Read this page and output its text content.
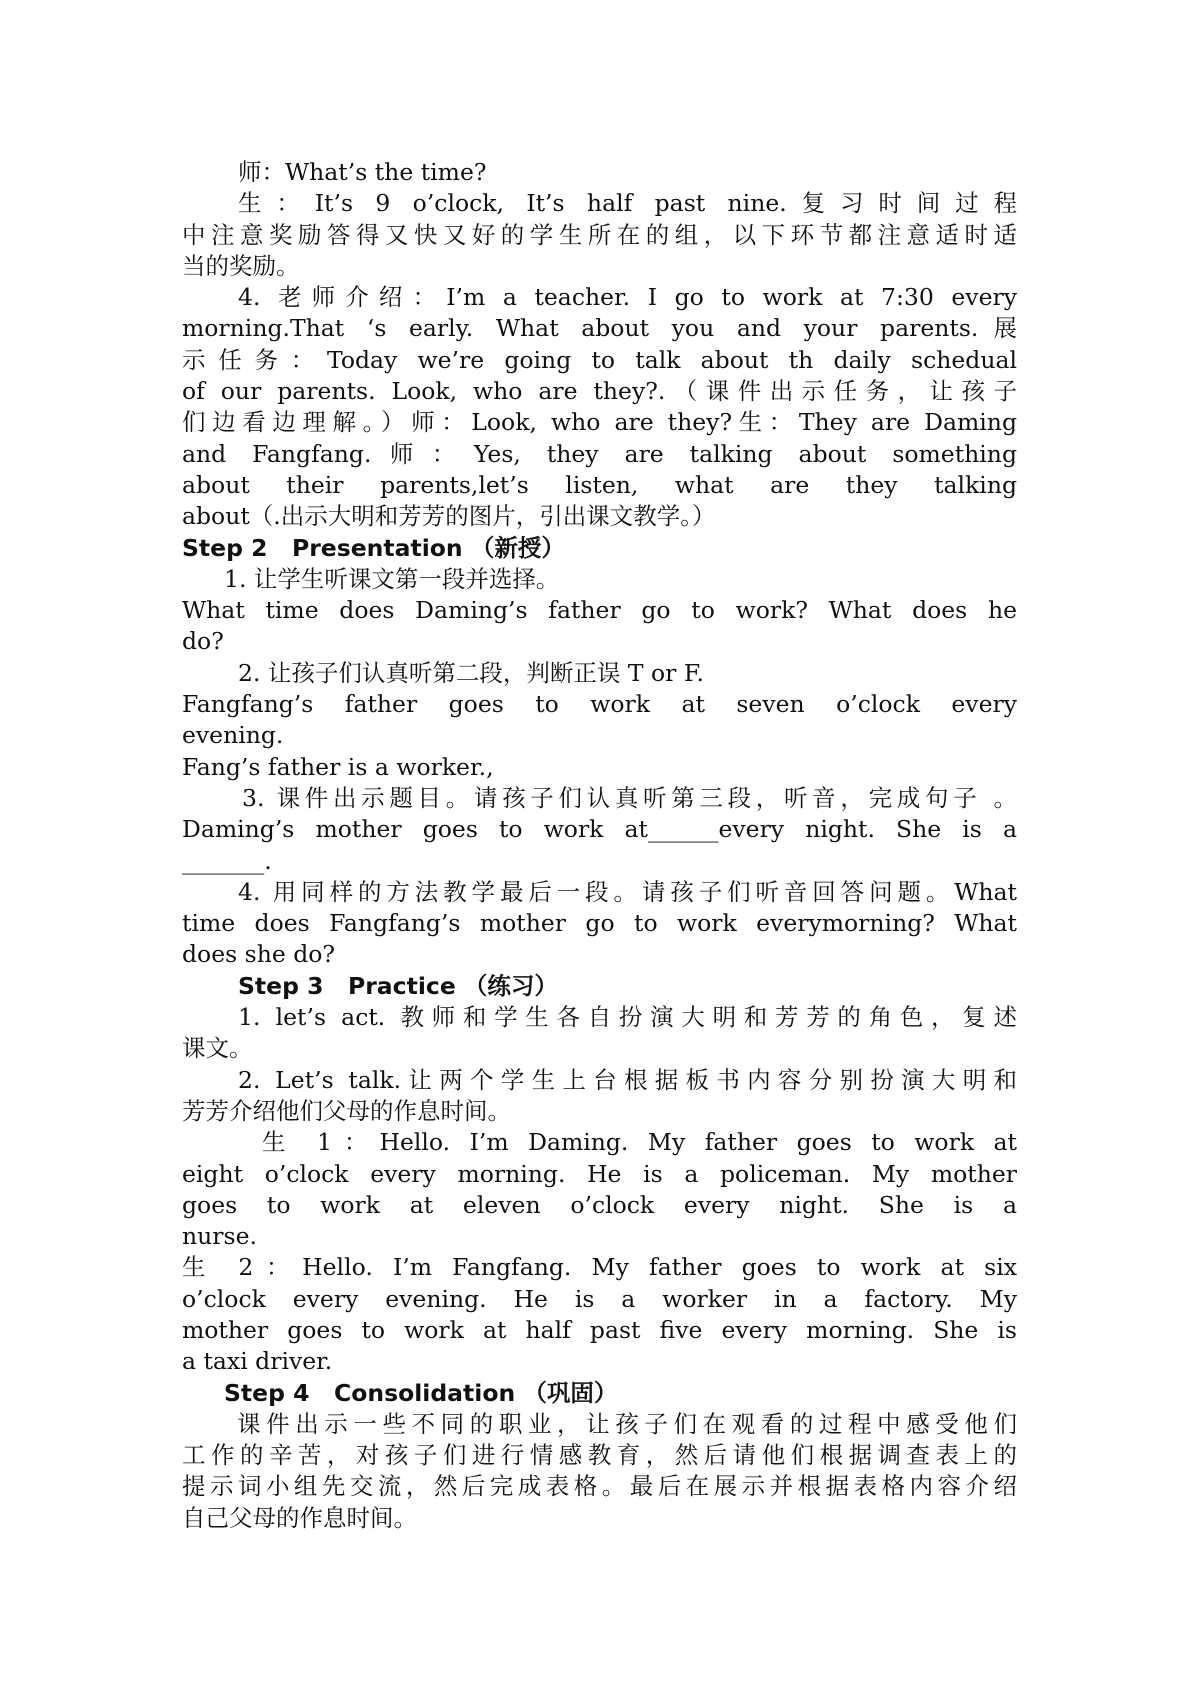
师：What’s the time?
生：It’s 9 o’clock, It’s half past nine.复习时间过程
中注意奖励答得又快又好的学生所在的组，以下环节都注意适时适
当的奖励。
4. 老师介绍：I’m a teacher. I go to work at 7:30 every
morning.That ‘s early. What about you and your parents.展
示任务：Today we’re going to talk about th daily schedual
of our parents. Look, who are they?.（课件出示任务，让孩子
们边看边理解。）师：Look, who are they?生：They are Daming
and Fangfang.师：Yes, they are talking about something
about their parents,let’s listen, what are they talking
about（.出示大明和芳芳的图片，引出课文教学。）
Step 2   Presentation （新授）
1. 让学生听课文第一段并选择。
What time does Daming’s father go to work? What does he
do?
2. 让孩子们认真听第二段，判断正误 T or F.
Fangfang’s father goes to work at seven o’clock every
evening.
Fang’s father is a worker.,
3. 课件出示题目。请孩子们认真听第三段，听音，完成句子 。
Daming’s mother goes to work at______every night. She is a
_______.
4. 用同样的方法教学最后一段。请孩子们听音回答问题。What
time does Fangfang’s mother go to work everymorning? What
does she do?
Step 3   Practice （练习）
1. let’s act. 教师和学生各自扮演大明和芳芳的角色，复述
课文。
2. Let’s talk.让两个学生上台根据板书内容分别扮演大明和
芳芳介绍他们父母的作息时间。
生 1：Hello. I’m Daming. My father goes to work at
eight o’clock every morning. He is a policeman. My mother
goes to work at eleven o’clock every night. She is a
nurse.
生 2：Hello. I’m Fangfang. My father goes to work at six
o’clock every evening. He is a worker in a factory. My
mother goes to work at half past five every morning. She is
a taxi driver.
Step 4   Consolidation （巩固）
课件出示一些不同的职业，让孩子们在观看的过程中感受他们
工作的辛苦，对孩子们进行情感教育，然后请他们根据调查表上的
提示词小组先交流，然后完成表格。最后在展示并根据表格内容介绍
自己父母的作息时间。
